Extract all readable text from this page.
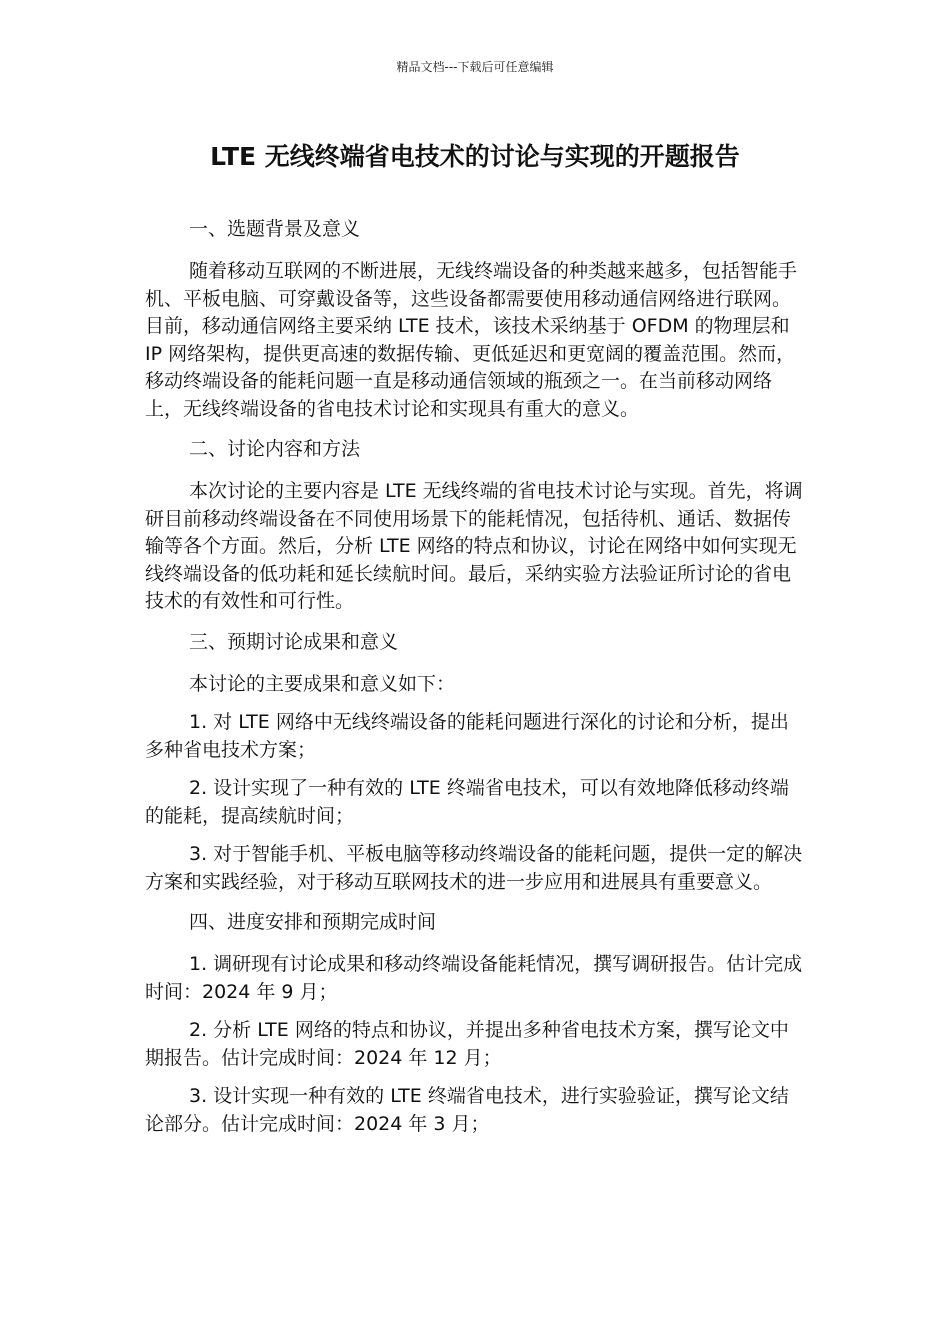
精品文档---下载后可任意编辑
LTE 无线终端省电技术的讨论与实现的开题报告
一、选题背景及意义

随着移动互联网的不断进展，无线终端设备的种类越来越多，包括智能手机、平板电脑、可穿戴设备等，这些设备都需要使用移动通信网络进行联网。目前，移动通信网络主要采纳 LTE 技术，该技术采纳基于 OFDM 的物理层和 IP 网络架构，提供更高速的数据传输、更低延迟和更宽阔的覆盖范围。然而，移动终端设备的能耗问题一直是移动通信领域的瓶颈之一。在当前移动网络上，无线终端设备的省电技术讨论和实现具有重大的意义。

二、讨论内容和方法

本次讨论的主要内容是 LTE 无线终端的省电技术讨论与实现。首先，将调研目前移动终端设备在不同使用场景下的能耗情况，包括待机、通话、数据传输等各个方面。然后，分析 LTE 网络的特点和协议，讨论在网络中如何实现无线终端设备的低功耗和延长续航时间。最后，采纳实验方法验证所讨论的省电技术的有效性和可行性。

三、预期讨论成果和意义

本讨论的主要成果和意义如下：

1. 对 LTE 网络中无线终端设备的能耗问题进行深化的讨论和分析，提出多种省电技术方案；

2. 设计实现了一种有效的 LTE 终端省电技术，可以有效地降低移动终端的能耗，提高续航时间；

3. 对于智能手机、平板电脑等移动终端设备的能耗问题，提供一定的解决方案和实践经验，对于移动互联网技术的进一步应用和进展具有重要意义。

四、进度安排和预期完成时间

1. 调研现有讨论成果和移动终端设备能耗情况，撰写调研报告。估计完成时间：2024 年 9 月；

2. 分析 LTE 网络的特点和协议，并提出多种省电技术方案，撰写论文中期报告。估计完成时间：2024 年 12 月；

3. 设计实现一种有效的 LTE 终端省电技术，进行实验验证，撰写论文结论部分。估计完成时间：2024 年 3 月；
